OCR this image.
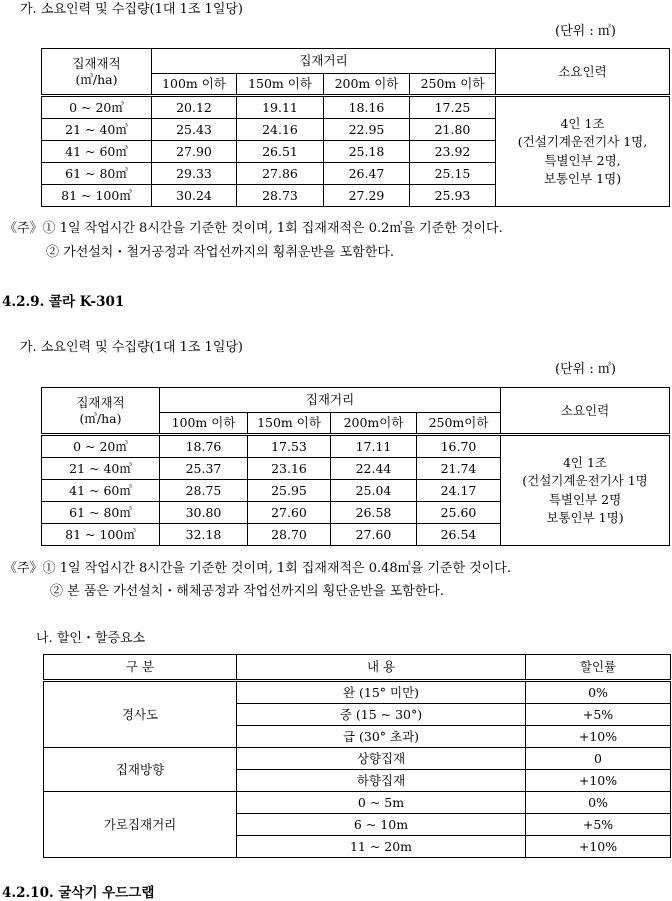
가. 소요인력 및 수집량(1대 1조 1일당)
(단위 : ㎥)
집재재적
(㎥/ha)	집재거리				소요인력
	100m 이하	150m 이하	200m 이하	250m 이하	
0 ~ 20㎥	20.12	19.11	18.16	17.25	4인 1조
(건설기계운전기사 1명,
특별인부 2명,
보통인부 1명)
21 ~ 40㎥	25.43	24.16	22.95	21.80	
41 ~ 60㎥	27.90	26.51	25.18	23.92	
61 ~ 80㎥	29.33	27.86	26.47	25.15	
81 ~ 100㎥	30.24	28.73	27.29	25.93	
《주》① 1일 작업시간 8시간을 기준한 것이며, 1회 집재재적은 0.2㎥을 기준한 것이다.
② 가선설치・철거공정과 작업선까지의 횡취운반을 포함한다.
4.2.9. 콜라 K-301
가. 소요인력 및 수집량(1대 1조 1일당)
(단위 : ㎥)
집재재적
(㎥/ha)	집재거리				소요인력
	100m 이하	150m 이하	200m이하	250m이하	
0 ~ 20㎥	18.76	17.53	17.11	16.70	4인 1조
(건설기계운전기사 1명
특별인부 2명
보통인부 1명)
21 ~ 40㎥	25.37	23.16	22.44	21.74	
41 ~ 60㎥	28.75	25.95	25.04	24.17	
61 ~ 80㎥	30.80	27.60	26.58	25.60	
81 ~ 100㎥	32.18	28.70	27.60	26.54	
《주》① 1일 작업시간 8시간을 기준한 것이며, 1회 집재재적은 0.48㎥을 기준한 것이다.
② 본 품은 가선설치・해체공정과 작업선까지의 횡단운반을 포함한다.
나. 할인・할증요소
구 분	내 용	할인률
경사도	완 (15° 미만)	0%
	중 (15 ~ 30°)	+5%
	급 (30° 초과)	+10%
집재방향	상향집재	0
	하향집재	+10%
가로집재거리	0 ~ 5m	0%
	6 ~ 10m	+5%
	11 ~ 20m	+10%
4.2.10. 굴삭기 우드그랩
